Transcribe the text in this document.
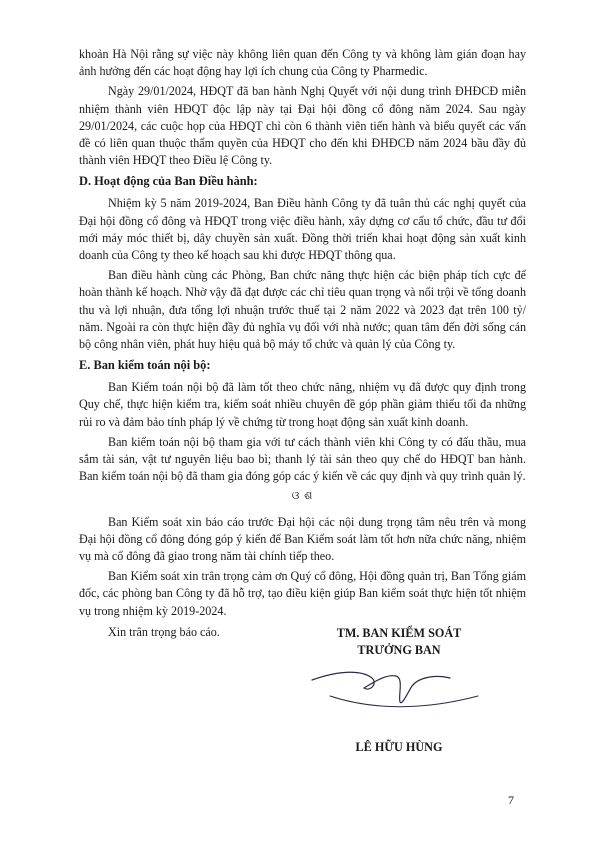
khoản Hà Nội rằng sự việc này không liên quan đến Công ty và không làm gián đoạn hay ảnh hưởng đến các hoạt động hay lợi ích chung của Công ty Pharmedic.

Ngày 29/01/2024, HĐQT đã ban hành Nghị Quyết với nội dung trình ĐHĐCĐ miễn nhiệm thành viên HĐQT độc lập này tại Đại hội đồng cổ đông năm 2024. Sau ngày 29/01/2024, các cuộc họp của HĐQT chỉ còn 6 thành viên tiến hành và biểu quyết các vấn đề có liên quan thuộc thẩm quyền của HĐQT cho đến khi ĐHĐCĐ năm 2024 bầu đầy đủ thành viên HĐQT theo Điều lệ Công ty.

D. Hoạt động của Ban Điều hành:

Nhiệm kỳ 5 năm 2019-2024, Ban Điều hành Công ty đã tuân thủ các nghị quyết của Đại hội đồng cổ đông và HĐQT trong việc điều hành, xây dựng cơ cấu tổ chức, đầu tư đổi mới máy móc thiết bị, dây chuyền sản xuất. Đồng thời triển khai hoạt động sản xuất kinh doanh của Công ty theo kế hoạch sau khi được HĐQT thông qua.

Ban điều hành cùng các Phòng, Ban chức năng thực hiện các biện pháp tích cực để hoàn thành kế hoạch. Nhờ vậy đã đạt được các chỉ tiêu quan trọng và nổi trội về tổng doanh thu và lợi nhuận, đưa tổng lợi nhuận trước thuế tại 2 năm 2022 và 2023 đạt trên 100 tỷ/ năm. Ngoài ra còn thực hiện đầy đủ nghĩa vụ đối với nhà nước; quan tâm đến đời sống cán bộ công nhân viên, phát huy hiệu quả bộ máy tổ chức và quản lý của Công ty.

E. Ban kiểm toán nội bộ:

Ban Kiểm toán nội bộ đã làm tốt theo chức năng, nhiệm vụ đã được quy định trong Quy chế, thực hiện kiểm tra, kiểm soát nhiều chuyên đề góp phần giảm thiểu tối đa những rủi ro và đảm bảo tính pháp lý về chứng từ trong hoạt động sản xuất kinh doanh.

Ban kiểm toán nội bộ tham gia với tư cách thành viên khi Công ty có đấu thầu, mua sắm tài sản, vật tư nguyên liệu bao bì; thanh lý tài sản theo quy chế do HĐQT ban hành. Ban kiểm toán nội bộ đã tham gia đóng góp các ý kiến về các quy định và quy trình quản lý.

ଓ ଶ

Ban Kiểm soát xin báo cáo trước Đại hội các nội dung trọng tâm nêu trên và mong Đại hội đồng cổ đông đóng góp ý kiến để Ban Kiểm soát làm tốt hơn nữa chức năng, nhiệm vụ mà cổ đông đã giao trong năm tài chính tiếp theo.

Ban Kiểm soát xin trân trọng cảm ơn Quý cổ đông, Hội đồng quản trị, Ban Tổng giám đốc, các phòng ban Công ty đã hỗ trợ, tạo điều kiện giúp Ban kiểm soát thực hiện tốt nhiệm vụ trong nhiệm kỳ 2019-2024.

Xin trân trọng báo cáo.	TM. BAN KIỂM SOÁT
TRƯỞNG BAN
LÊ HỮU HÙNG
7
